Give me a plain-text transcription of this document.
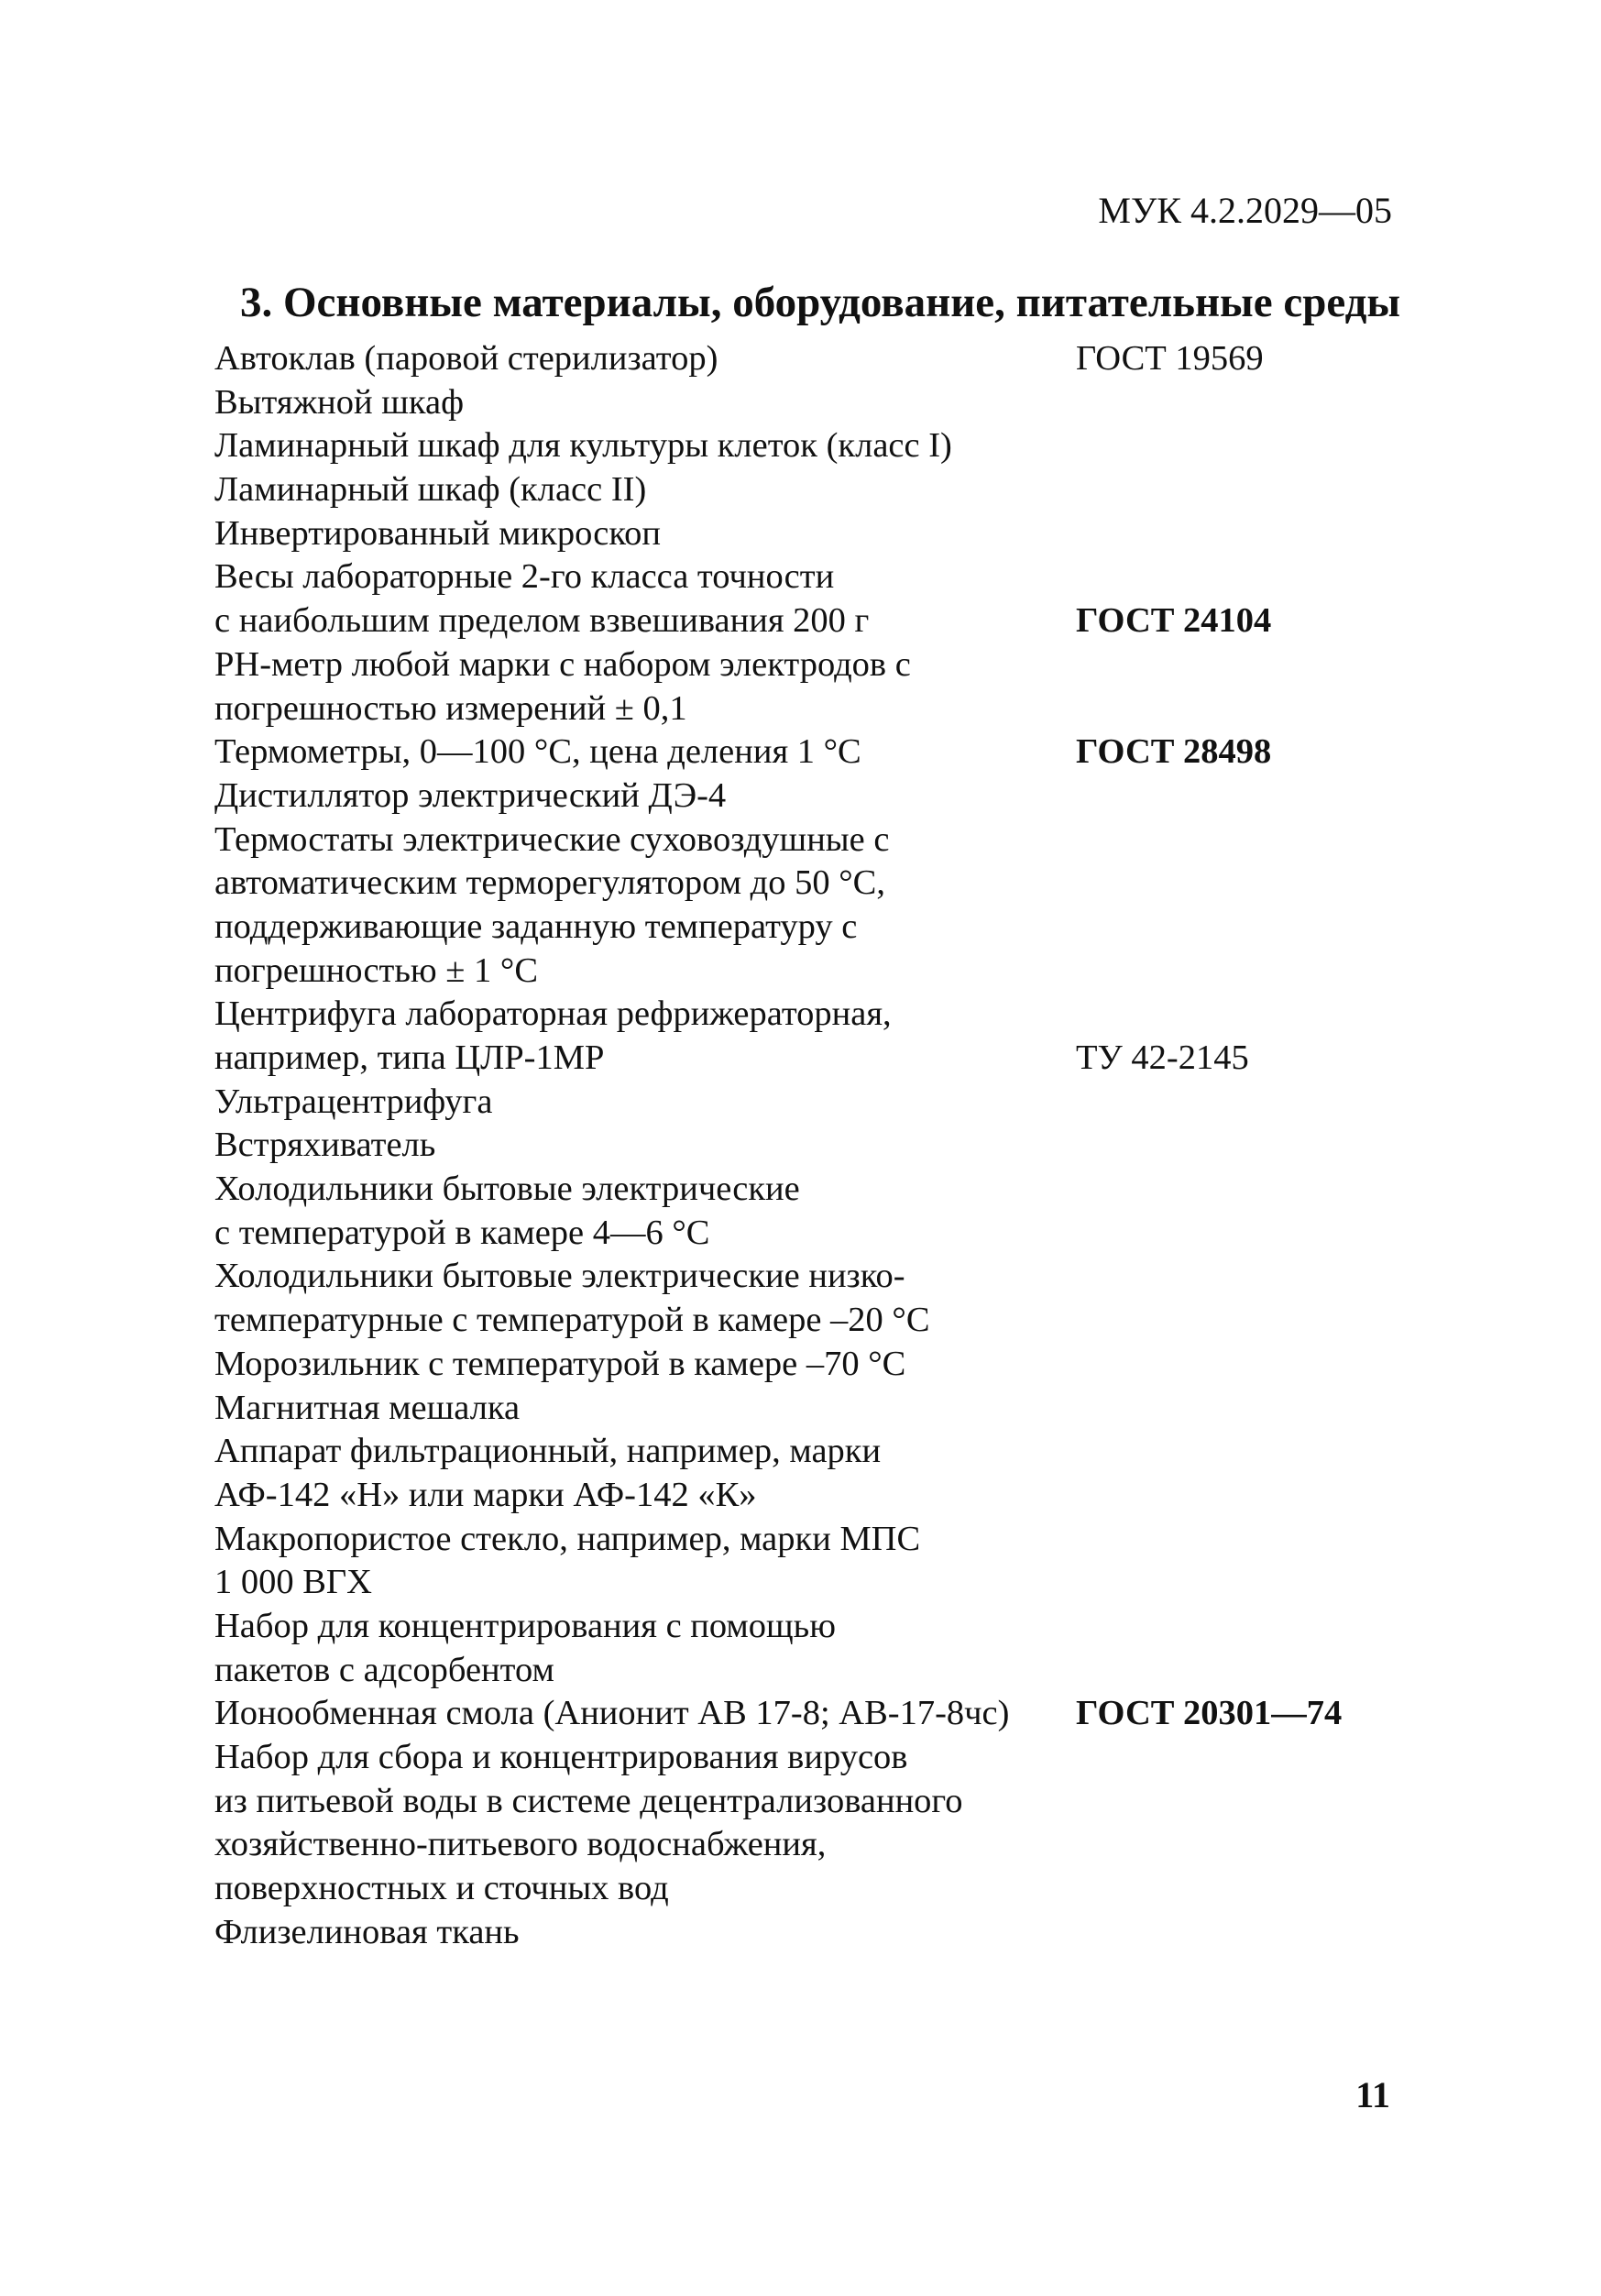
МУК 4.2.2029—05

3. Основные материалы, оборудование, питательные среды
Автоклав (паровой стерилизатор)	ГОСТ 19569
Вытяжной шкаф
Ламинарный шкаф для культуры клеток (класс I)
Ламинарный шкаф (класс II)
Инвертированный микроскоп
Весы лабораторные 2-го класса точности
с наибольшим пределом взвешивания 200 г	ГОСТ 24104
PH-метр любой марки с набором электродов с
погрешностью измерений ± 0,1
Термометры, 0—100 °C, цена деления 1 °C	ГОСТ 28498
Дистиллятор электрический ДЭ-4
Термостаты электрические суховоздушные с
автоматическим терморегулятором до 50 °C,
поддерживающие заданную температуру с
погрешностью ± 1 °C
Центрифуга лабораторная рефрижераторная,
например, типа ЦЛР-1МР	ТУ 42-2145
Ультрацентрифуга
Встряхиватель
Холодильники бытовые электрические
с температурой в камере 4—6 °C
Холодильники бытовые электрические низко-
температурные с температурой в камере –20 °C
Морозильник с температурой в камере –70 °C
Магнитная мешалка
Аппарат фильтрационный, например, марки
АФ-142 «Н» или марки АФ-142 «К»
Макропористое стекло, например, марки МПС
1 000 ВГХ
Набор для концентрирования с помощью
пакетов с адсорбентом
Ионообменная смола (Анионит АВ 17-8; АВ-17-8чс) ГОСТ 20301—74
Набор для сбора и концентрирования вирусов
из питьевой воды в системе децентрализованного
хозяйственно-питьевого водоснабжения,
поверхностных и сточных вод
Флизелиновая ткань

11
